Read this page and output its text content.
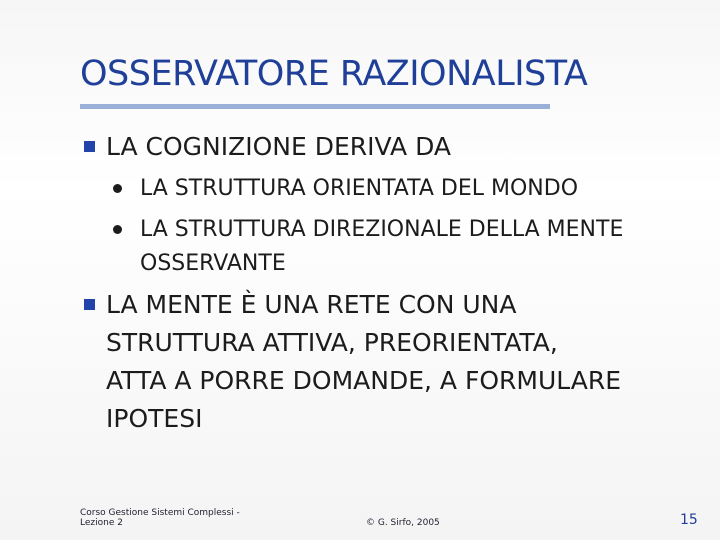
OSSERVATORE RAZIONALISTA
LA COGNIZIONE DERIVA DA
LA STRUTTURA ORIENTATA DEL MONDO
LA STRUTTURA DIREZIONALE DELLA MENTE
OSSERVANTE
LA MENTE È UNA RETE CON UNA
STRUTTURA ATTIVA, PREORIENTATA,
ATTA A PORRE DOMANDE, A FORMULARE
IPOTESI
Corso Gestione Sistemi Complessi -
Lezione 2	© G. Sirfo, 2005	15
